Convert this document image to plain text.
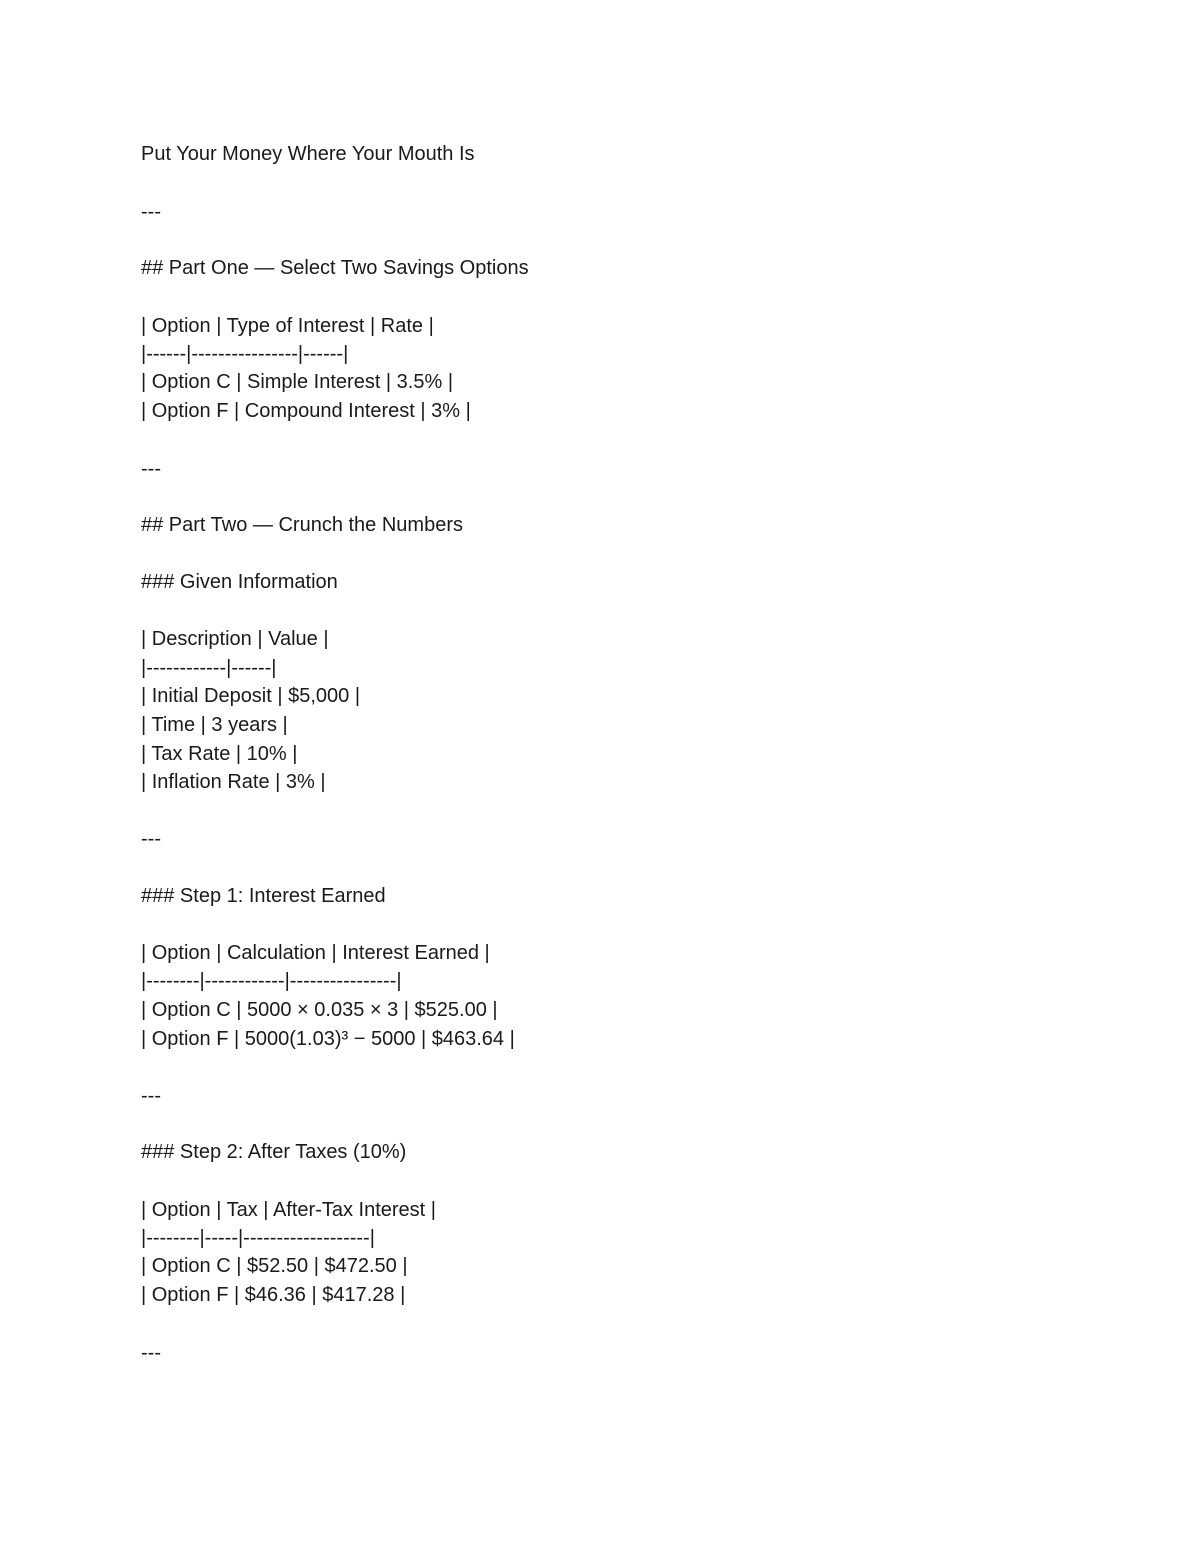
Put Your Money Where Your Mouth Is

---

## Part One — Select Two Savings Options

| Option | Type of Interest | Rate |

|------|----------------|------|

| Option C | Simple Interest | 3.5% |

| Option F | Compound Interest | 3% |

---

## Part Two — Crunch the Numbers

### Given Information

| Description | Value |

|------------|------|

| Initial Deposit | $5,000 |

| Time | 3 years |

| Tax Rate | 10% |

| Inflation Rate | 3% |

---

### Step 1: Interest Earned

| Option | Calculation | Interest Earned |

|--------|------------|----------------|

| Option C | 5000 × 0.035 × 3 | $525.00 |

| Option F | 5000(1.03)³ − 5000 | $463.64 |

---

### Step 2: After Taxes (10%)

| Option | Tax | After-Tax Interest |

|--------|-----|-------------------|

| Option C | $52.50 | $472.50 |

| Option F | $46.36 | $417.28 |

---
